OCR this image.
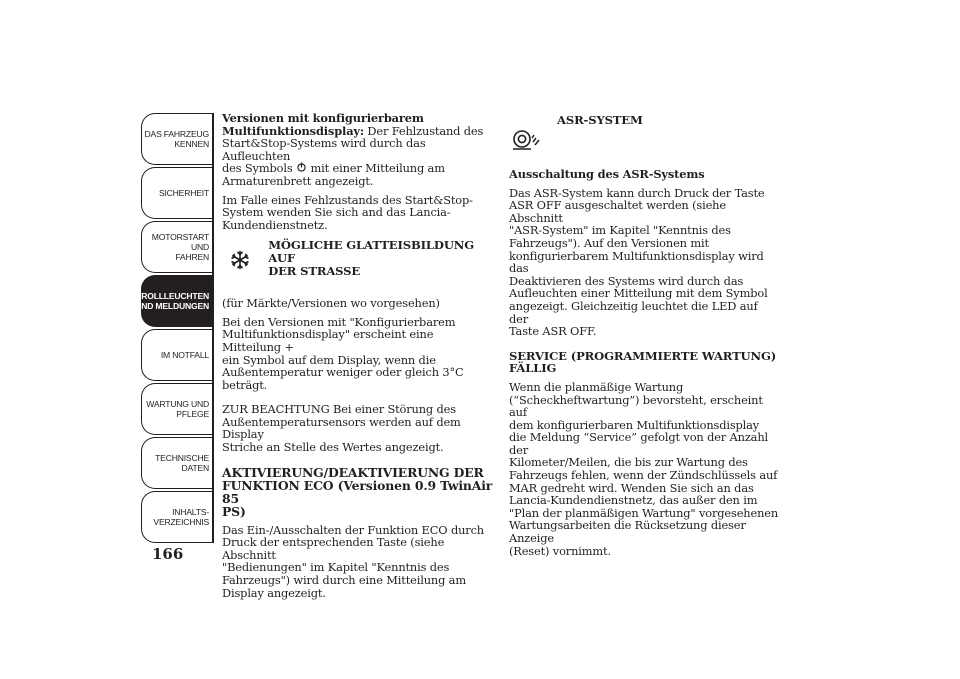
DAS FAHRZEUG
KENNEN
SICHERHEIT
MOTORSTART UND
FAHREN
KONTROLLLEUCHTEN
UND MELDUNGEN
IM NOTFALL
WARTUNG UND
PFLEGE
TECHNISCHE
DATEN
INHALTS-
VERZEICHNIS
166

Versionen mit konfigurierbarem
Multifunktionsdisplay: Der Fehlzustand des
Start&Stop-Systems wird durch das Aufleuchten
des Symbols  mit einer Mitteilung am
Armaturenbrett angezeigt.

Im Falle eines Fehlzustands des Start&Stop-
System wenden Sie sich and das Lancia-
Kundendienstnetz.

MÖGLICHE GLATTEISBILDUNG AUF
DER STRASSE

(für Märkte/Versionen wo vorgesehen)

Bei den Versionen mit "Konfigurierbarem
Multifunktionsdisplay" erscheint eine Mitteilung +
ein Symbol auf dem Display, wenn die
Außentemperatur weniger oder gleich 3°C beträgt.

ZUR BEACHTUNG Bei einer Störung des
Außentemperatursensors werden auf dem Display
Striche an Stelle des Wertes angezeigt.

AKTIVIERUNG/DEAKTIVIERUNG DER
FUNKTION ECO (Versionen 0.9 TwinAir 85
PS)

Das Ein-/Ausschalten der Funktion ECO durch
Druck der entsprechenden Taste (siehe Abschnitt
"Bedienungen" im Kapitel "Kenntnis des
Fahrzeugs") wird durch eine Mitteilung am
Display angezeigt.

ASR-SYSTEM

Ausschaltung des ASR-Systems

Das ASR-System kann durch Druck der Taste
ASR OFF ausgeschaltet werden (siehe Abschnitt
"ASR-System" im Kapitel "Kenntnis des
Fahrzeugs"). Auf den Versionen mit
konfigurierbarem Multifunktionsdisplay wird das
Deaktivieren des Systems wird durch das
Aufleuchten einer Mitteilung mit dem Symbol
angezeigt. Gleichzeitig leuchtet die LED auf der
Taste ASR OFF.

SERVICE (PROGRAMMIERTE WARTUNG)
FÄLLIG

Wenn die planmäßige Wartung
(“Scheckheftwartung”) bevorsteht, erscheint auf
dem konfigurierbaren Multifunktionsdisplay
die Meldung “Service” gefolgt von der Anzahl der
Kilometer/Meilen, die bis zur Wartung des
Fahrzeugs fehlen, wenn der Zündschlüssels auf
MAR gedreht wird. Wenden Sie sich an das
Lancia-Kundendienstnetz, das außer den im
"Plan der planmäßigen Wartung" vorgesehenen
Wartungsarbeiten die Rücksetzung dieser Anzeige
(Reset) vornimmt.
